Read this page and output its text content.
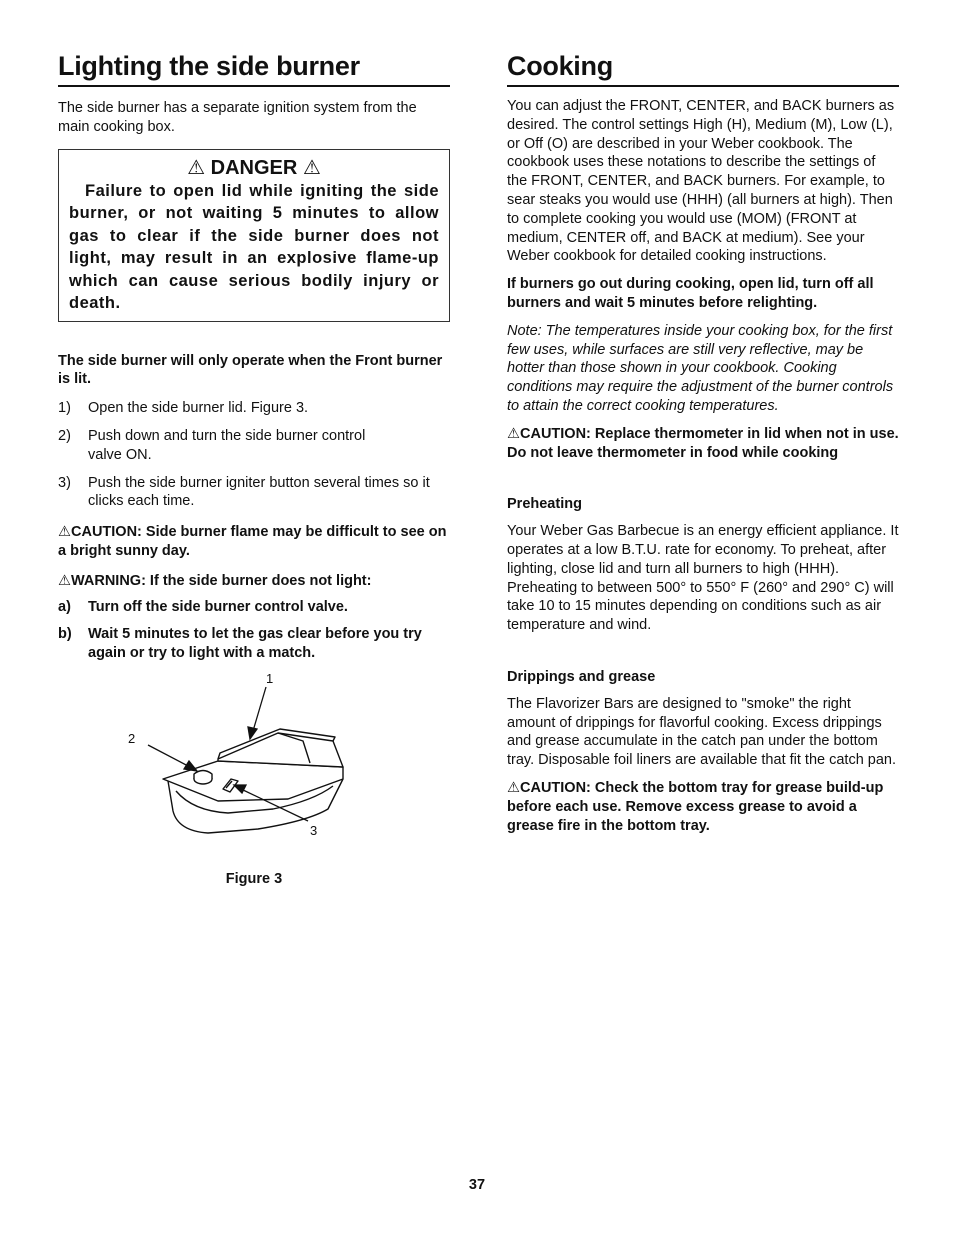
Lighting the side burner

The side burner has a separate ignition system from the main cooking box.

⚠ DANGER ⚠
Failure to open lid while igniting the side burner, or not waiting 5 minutes to allow gas to clear if the side burner does not light, may result in an explosive flame-up which can cause serious bodily injury or death.

The side burner will only operate when the Front burner is lit.

1)	Open the side burner lid. Figure 3.
2)	Push down and turn the side burner control valve ON.
3)	Push the side burner igniter button several times so it clicks each time.

⚠CAUTION: Side burner flame may be difficult to see on a bright sunny day.

⚠WARNING: If the side burner does not light:

a)	Turn off the side burner control valve.
b)	Wait 5 minutes to let the gas clear before you try again or try to light with a match.
1
2
3
Figure 3
Cooking

You can adjust the FRONT, CENTER, and BACK burners as desired. The control settings High (H), Medium (M), Low (L), or Off (O) are described in your Weber cookbook. The cookbook uses these notations to describe the settings of the FRONT, CENTER, and BACK burners. For example, to sear steaks you would use (HHH) (all burners at high). Then to complete cooking you would use (MOM) (FRONT at medium, CENTER off, and BACK at medium). See your Weber cookbook for detailed cooking instructions.

If burners go out during cooking, open lid, turn off all burners and wait 5 minutes before relighting.

Note: The temperatures inside your cooking box, for the first few uses, while surfaces are still very reflective, may be hotter than those shown in your cookbook. Cooking conditions may require the adjustment of the burner controls to attain the correct cooking temperatures.

⚠CAUTION: Replace thermometer in lid when not in use. Do not leave thermometer in food while cooking

Preheating

Your Weber Gas Barbecue is an energy efficient appliance. It operates at a low B.T.U. rate for economy. To preheat, after lighting, close lid and turn all burners to high (HHH). Preheating to between 500° to 550° F (260° and 290° C) will take 10 to 15 minutes depending on conditions such as air temperature and wind.

Drippings and grease

The Flavorizer Bars are designed to "smoke" the right amount of drippings for flavorful cooking. Excess drippings and grease accumulate in the catch pan under the bottom tray. Disposable foil liners are available that fit the catch pan.

⚠CAUTION: Check the bottom tray for grease build-up before each use. Remove excess grease to avoid a grease fire in the bottom tray.

37
